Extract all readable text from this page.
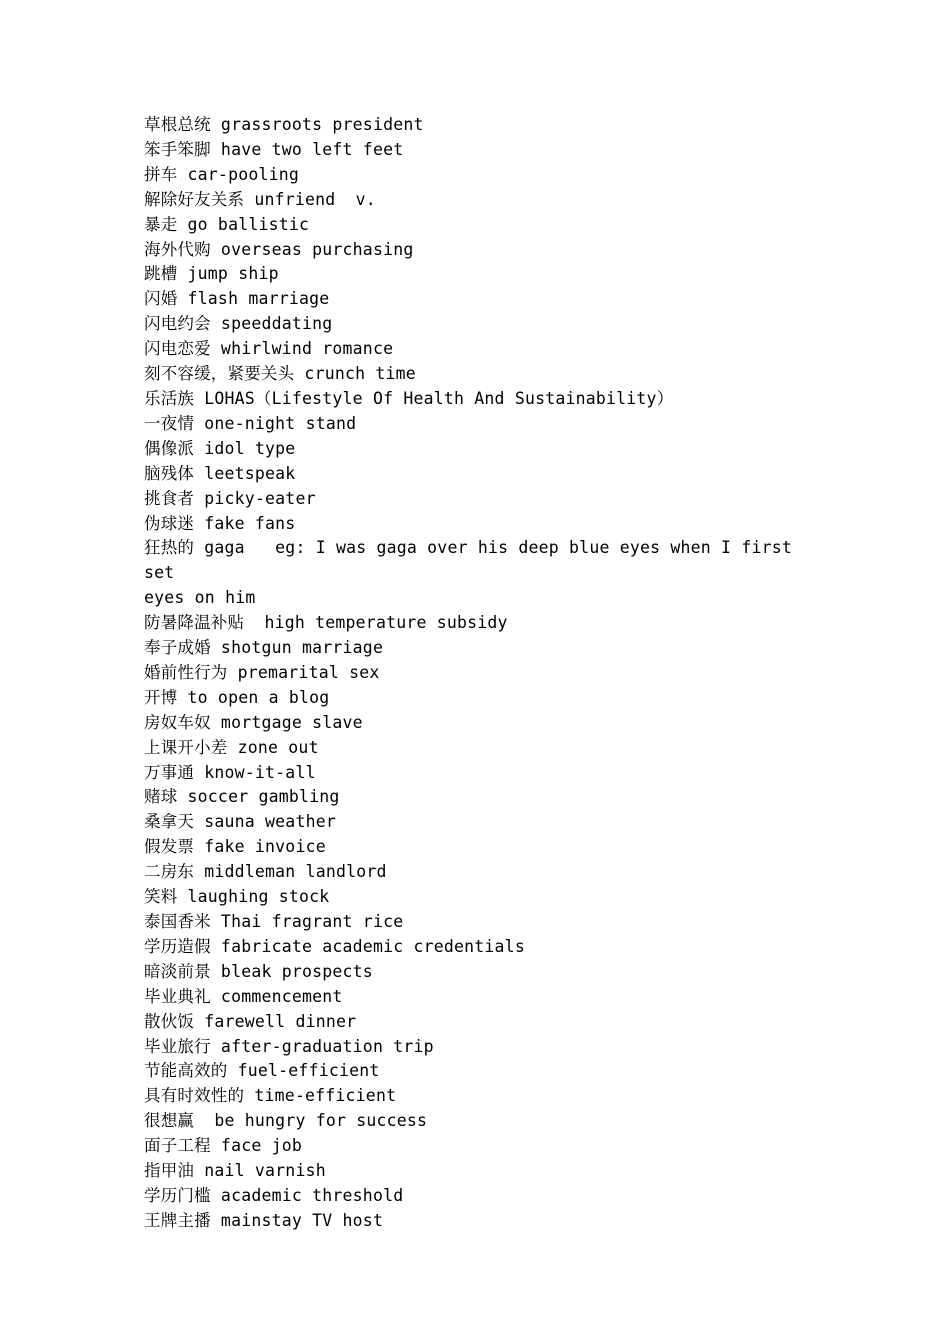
草根总统 grassroots president
笨手笨脚 have two left feet
拼车 car-pooling
解除好友关系 unfriend  v.
暴走 go ballistic
海外代购 overseas purchasing
跳槽 jump ship
闪婚 flash marriage
闪电约会 speeddating
闪电恋爱 whirlwind romance
刻不容缓，紧要关头 crunch time
乐活族 LOHAS（Lifestyle Of Health And Sustainability）
一夜情 one-night stand
偶像派 idol type
脑残体 leetspeak
挑食者 picky-eater
伪球迷 fake fans
狂热的 gaga   eg: I was gaga over his deep blue eyes when I first set
eyes on him
防暑降温补贴  high temperature subsidy
奉子成婚 shotgun marriage
婚前性行为 premarital sex
开博 to open a blog
房奴车奴 mortgage slave
上课开小差 zone out
万事通 know-it-all
赌球 soccer gambling
桑拿天 sauna weather
假发票 fake invoice
二房东 middleman landlord
笑料 laughing stock
泰国香米 Thai fragrant rice
学历造假 fabricate academic credentials
暗淡前景 bleak prospects
毕业典礼 commencement
散伙饭 farewell dinner
毕业旅行 after-graduation trip
节能高效的 fuel-efficient
具有时效性的 time-efficient
很想赢  be hungry for success
面子工程 face job
指甲油 nail varnish
学历门槛 academic threshold
王牌主播 mainstay TV host
